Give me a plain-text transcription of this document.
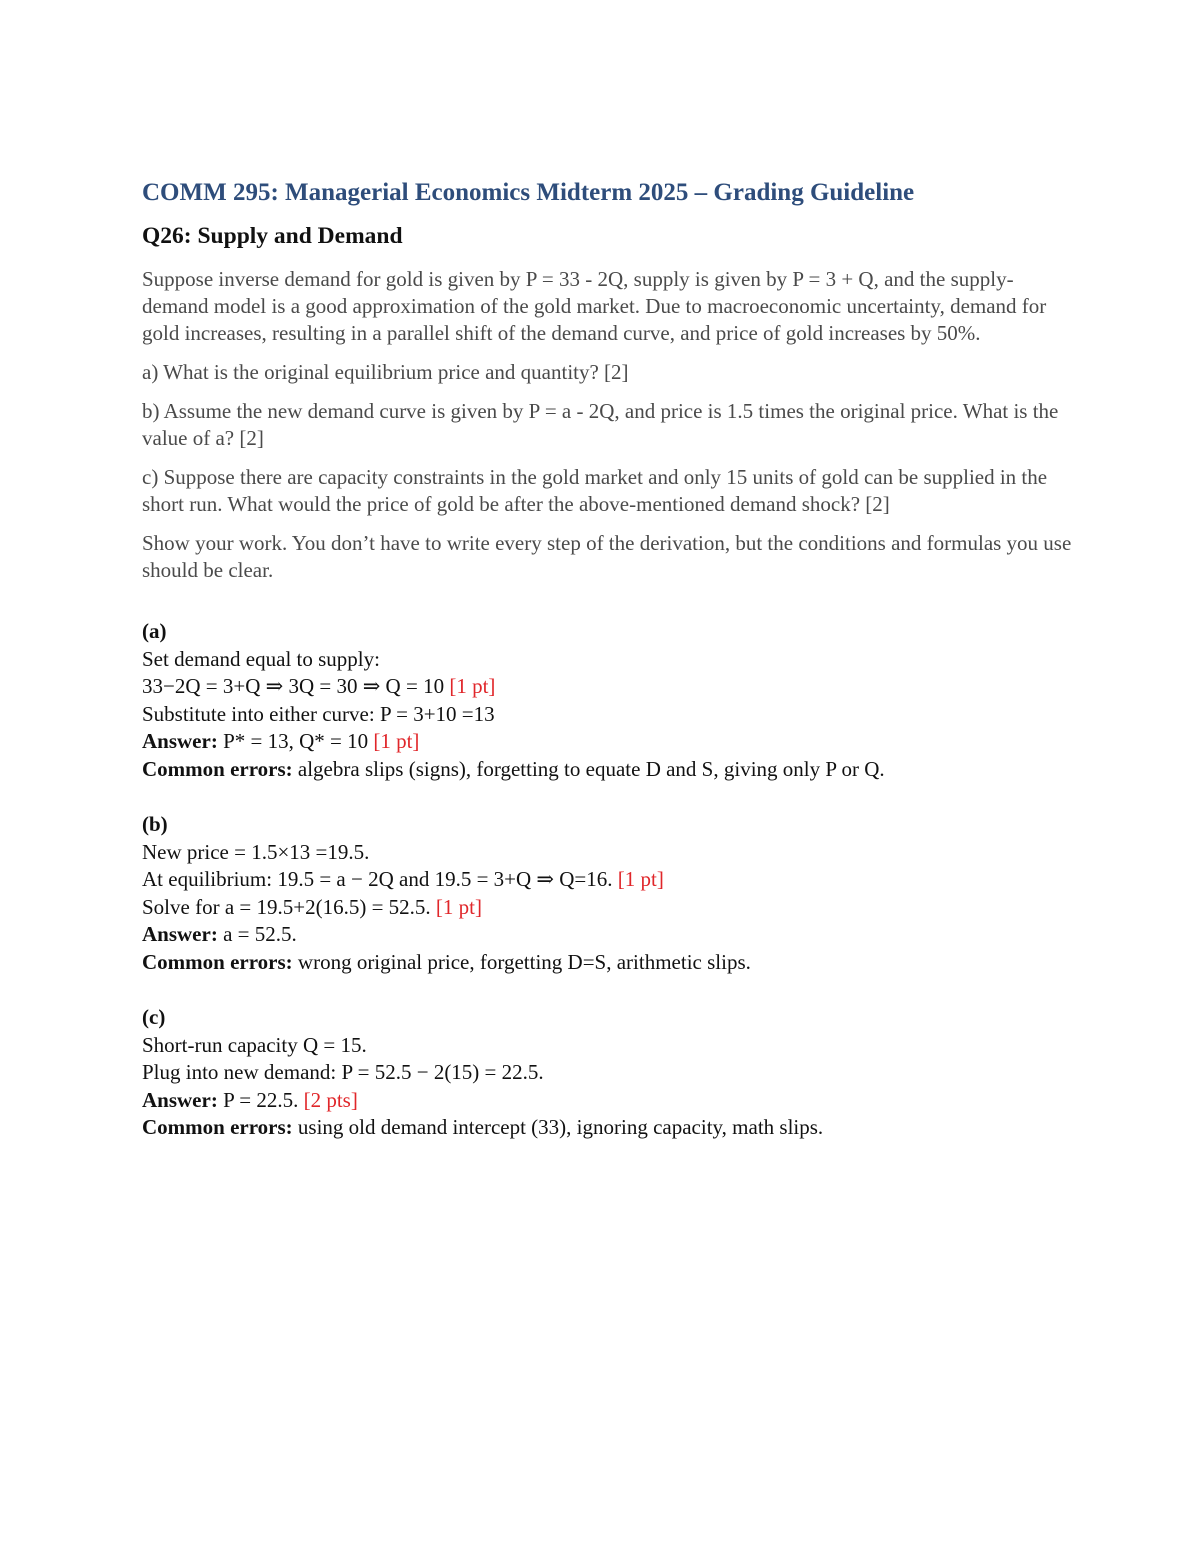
COMM 295: Managerial Economics Midterm 2025 – Grading Guideline
Q26: Supply and Demand

Suppose inverse demand for gold is given by P = 33 - 2Q, supply is given by P = 3 + Q, and the supply-demand model is a good approximation of the gold market. Due to macroeconomic uncertainty, demand for gold increases, resulting in a parallel shift of the demand curve, and price of gold increases by 50%.

a) What is the original equilibrium price and quantity? [2]

b) Assume the new demand curve is given by P = a - 2Q, and price is 1.5 times the original price. What is the value of a? [2]

c) Suppose there are capacity constraints in the gold market and only 15 units of gold can be supplied in the short run. What would the price of gold be after the above-mentioned demand shock? [2]

Show your work. You don’t have to write every step of the derivation, but the conditions and formulas you use should be clear.

(a)
Set demand equal to supply:
33−2Q = 3+Q ⇒ 3Q = 30 ⇒ Q = 10 [1 pt]
Substitute into either curve: P = 3+10 =13
Answer: P* = 13, Q* = 10 [1 pt]
Common errors: algebra slips (signs), forgetting to equate D and S, giving only P or Q.
(b)
New price = 1.5×13 =19.5.
At equilibrium: 19.5 = a − 2Q and 19.5 = 3+Q ⇒ Q=16. [1 pt]
Solve for a = 19.5+2(16.5) = 52.5. [1 pt]
Answer: a = 52.5.
Common errors: wrong original price, forgetting D=S, arithmetic slips.
(c)
Short-run capacity Q = 15.
Plug into new demand: P = 52.5 − 2(15) = 22.5.
Answer: P = 22.5. [2 pts]
Common errors: using old demand intercept (33), ignoring capacity, math slips.
